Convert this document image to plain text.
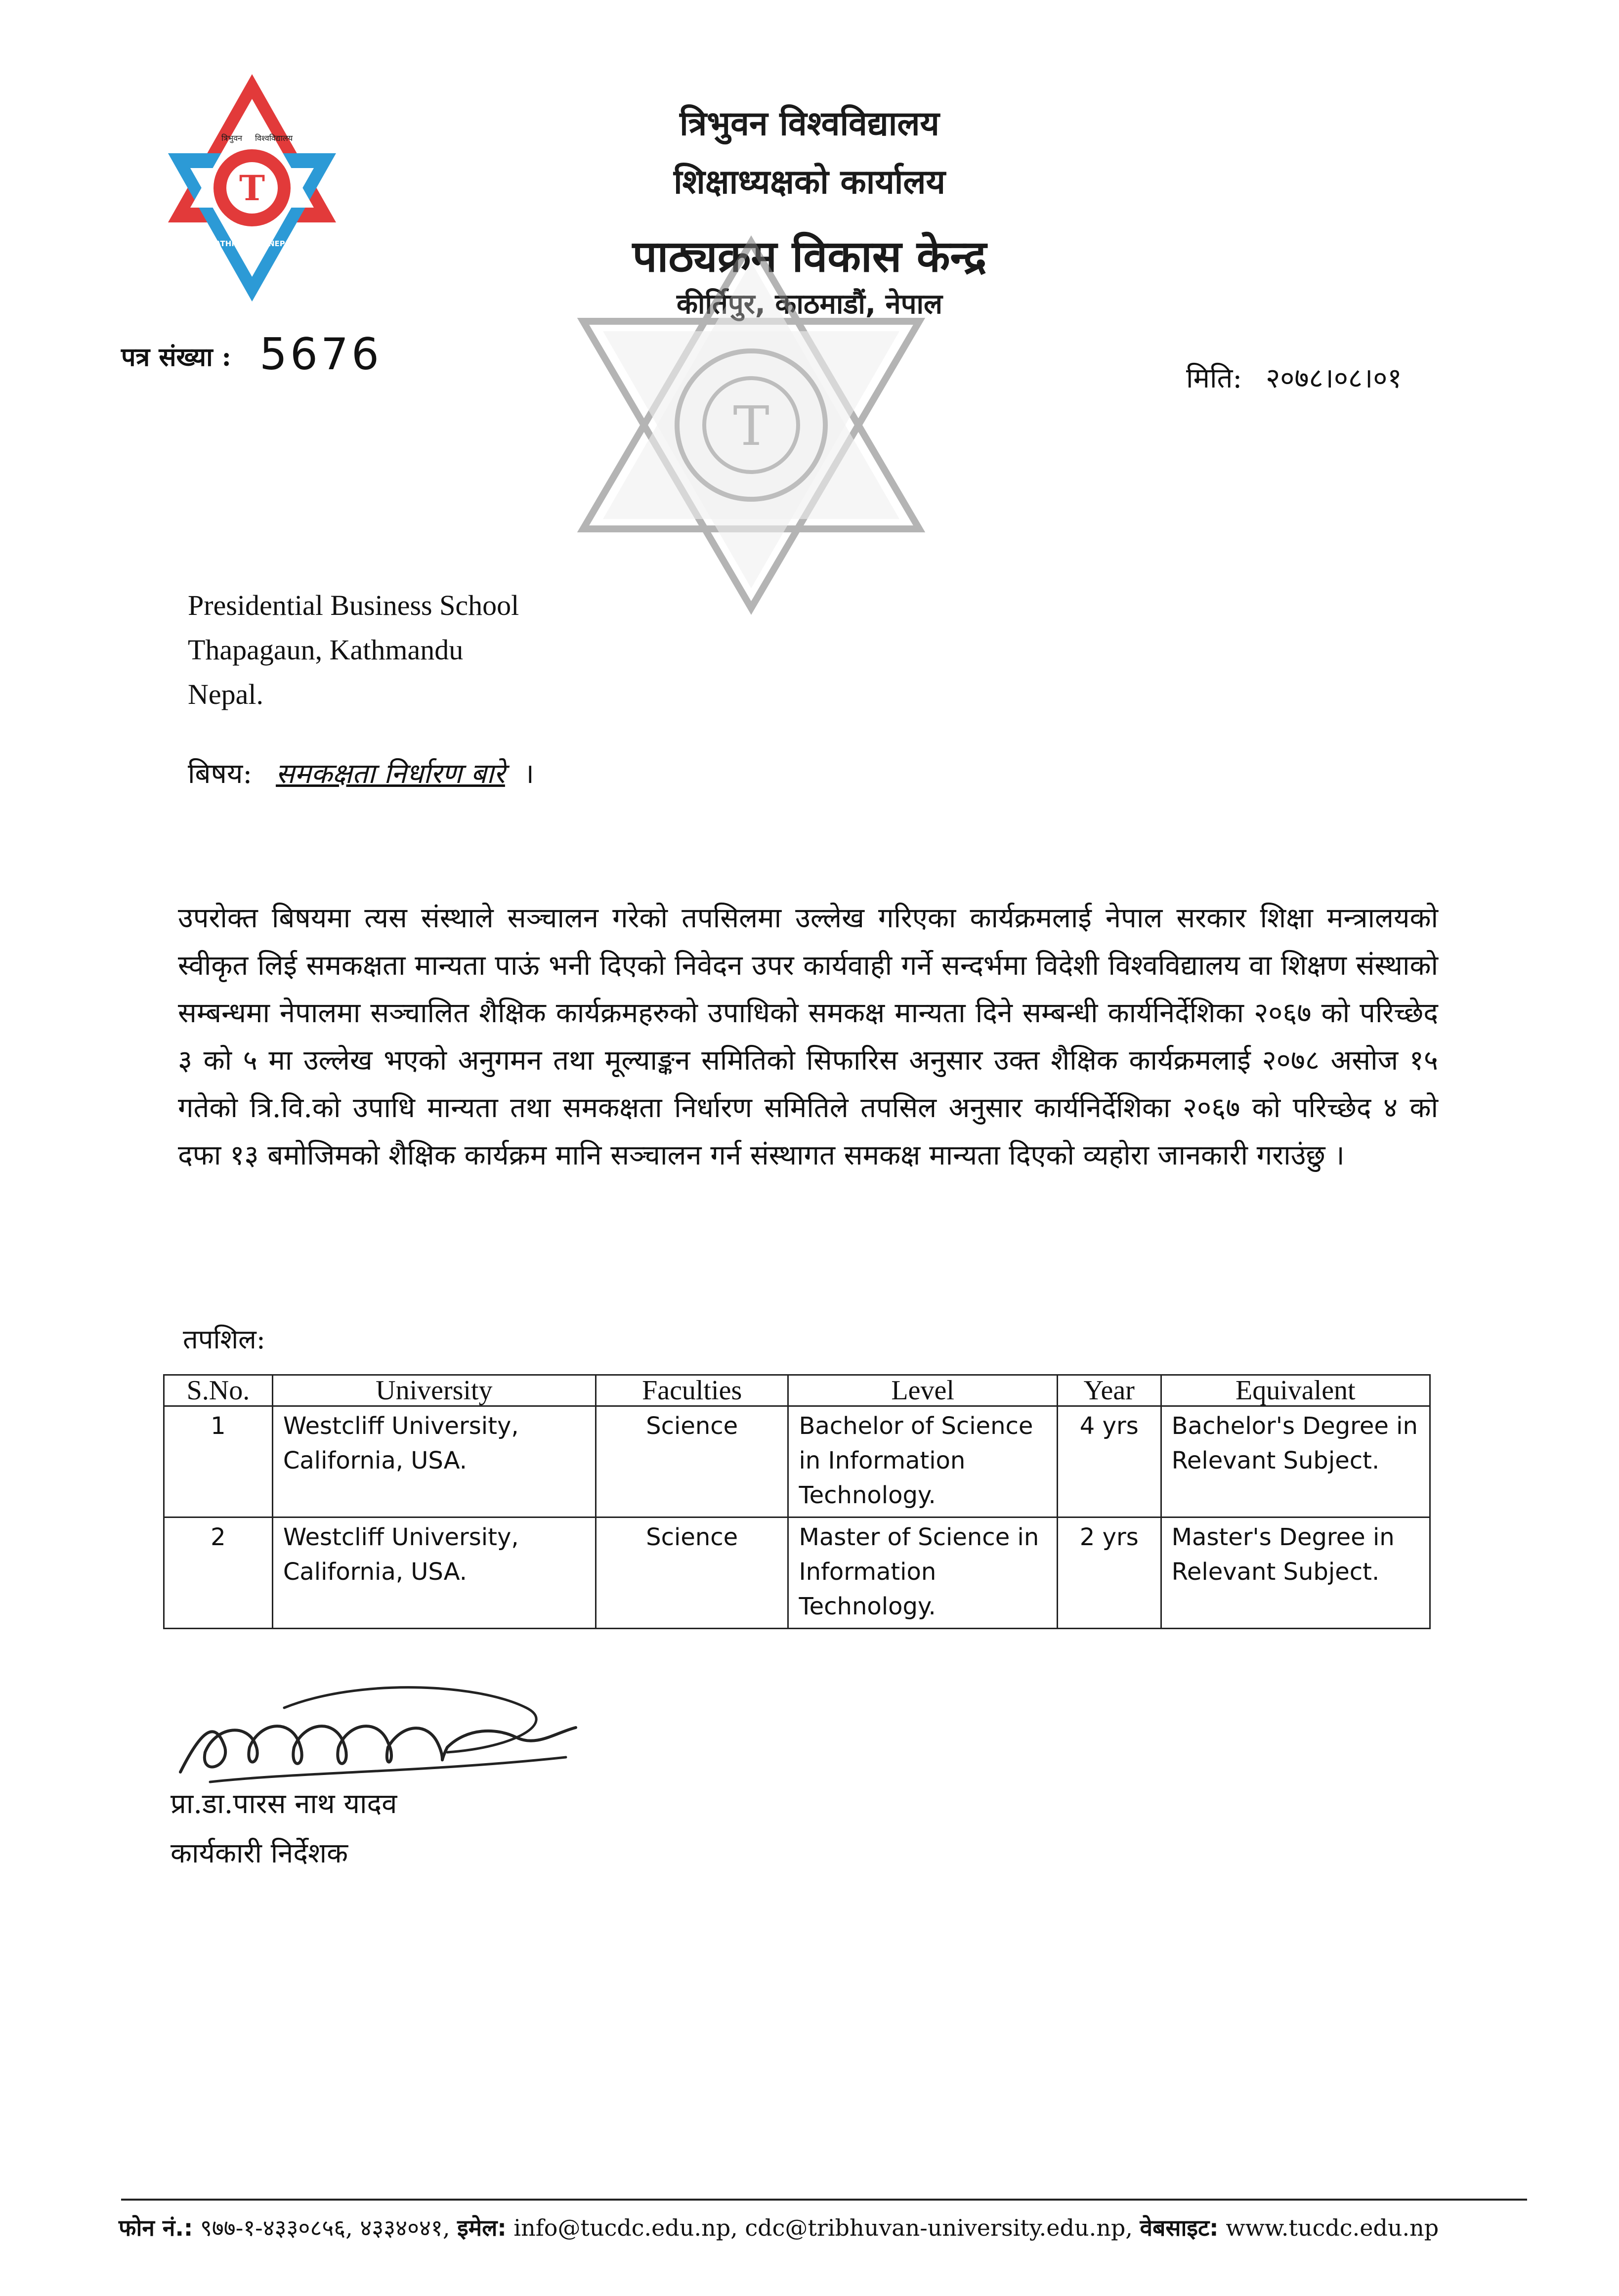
T
त्रिभुवन विश्वविद्यालय
KATHMANDU, NEPAL
त्रिभुवन विश्वविद्यालय
शिक्षाध्यक्षको कार्यालय
पाठ्यक्रम विकास केन्द्र
कीर्तिपुर, काठमाडौं, नेपाल
T
पत्र संख्या : 5676	मिति: २०७८।०८।०१
Presidential Business School
Thapagaun, Kathmandu
Nepal.
बिषय: समकक्षता निर्धारण बारे ।
उपरोक्त बिषयमा त्यस संस्थाले सञ्चालन गरेको तपसिलमा उल्लेख गरिएका कार्यक्रमलाई नेपाल सरकार शिक्षा मन्त्रालयको स्वीकृत लिई समकक्षता मान्यता पाऊं भनी दिएको निवेदन उपर कार्यवाही गर्ने सन्दर्भमा विदेशी विश्वविद्यालय वा शिक्षण संस्थाको सम्बन्धमा नेपालमा सञ्चालित शैक्षिक कार्यक्रमहरुको उपाधिको समकक्ष मान्यता दिने सम्बन्धी कार्यनिर्देशिका २०६७ को परिच्छेद ३ को ५ मा उल्लेख भएको अनुगमन तथा मूल्याङ्कन समितिको सिफारिस अनुसार उक्त शैक्षिक कार्यक्रमलाई २०७८ असोज १५ गतेको त्रि.वि.को उपाधि मान्यता तथा समकक्षता निर्धारण समितिले तपसिल अनुसार कार्यनिर्देशिका २०६७ को परिच्छेद ४ को दफा १३ बमोजिमको शैक्षिक कार्यक्रम मानि सञ्चालन गर्न संस्थागत समकक्ष मान्यता दिएको व्यहोरा जानकारी गराउंछु ।
तपशिल:
S.No.	University	Faculties	Level	Year	Equivalent
1	Westcliff University, California, USA.	Science	Bachelor of Science in Information Technology.	4 yrs	Bachelor's Degree in Relevant Subject.
2	Westcliff University, California, USA.	Science	Master of Science in Information Technology.	2 yrs	Master's Degree in Relevant Subject.
प्रा.डा.पारस नाथ यादव
कार्यकारी निर्देशक
फोन नं.: ९७७-१-४३३०८५६, ४३३४०४१, इमेल: info@tucdc.edu.np, cdc@tribhuvan-university.edu.np, वेबसाइट: www.tucdc.edu.np
